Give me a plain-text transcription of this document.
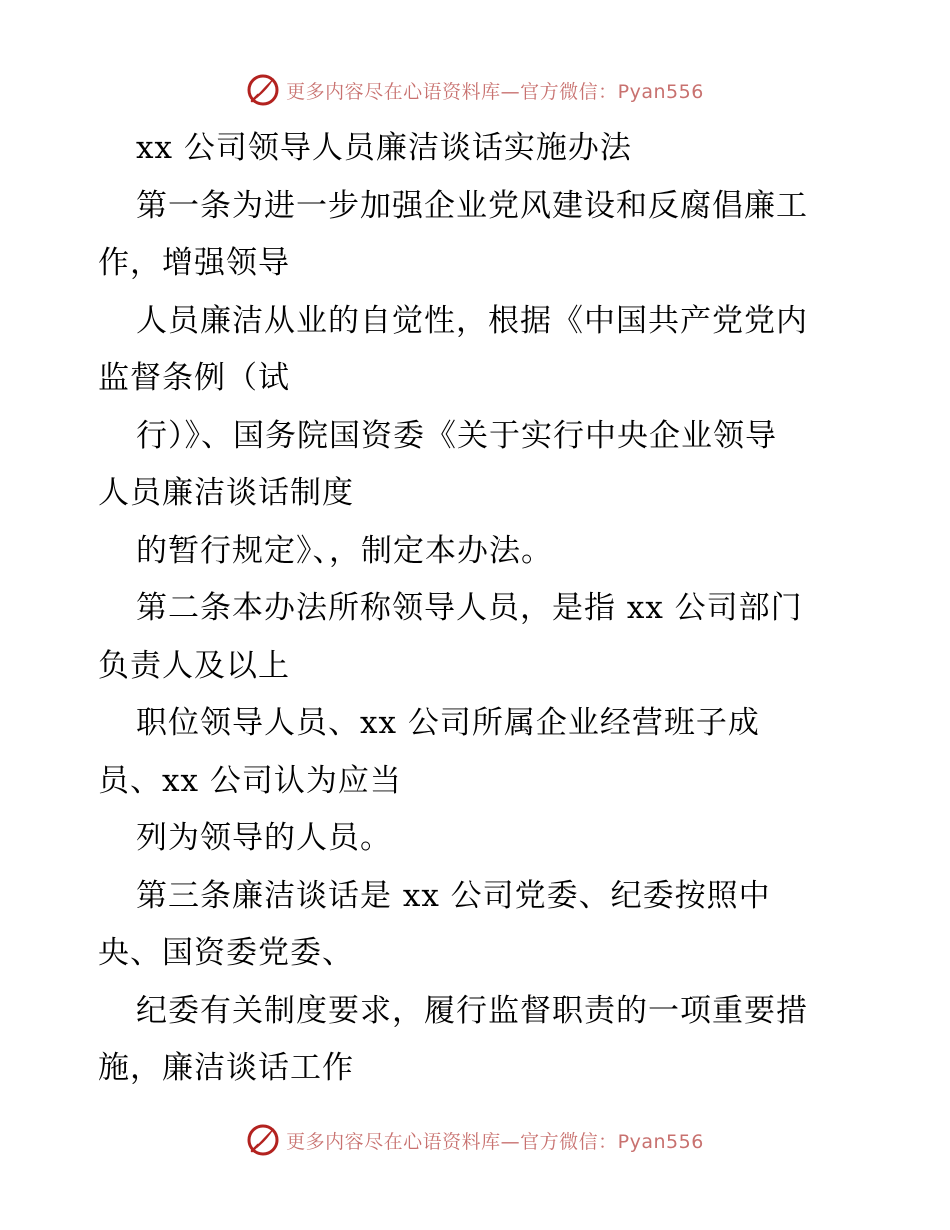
更多内容尽在心语资料库—官方微信：Pyan556
xx 公司领导人员廉洁谈话实施办法
第一条为进一步加强企业党风建设和反腐倡廉工
作，增强领导
人员廉洁从业的自觉性，根据《中国共产党党内
监督条例（试
行）》、国务院国资委《关于实行中央企业领导
人员廉洁谈话制度
的暂行规定》、，制定本办法。
第二条本办法所称领导人员，是指 xx 公司部门
负责人及以上
职位领导人员、xx 公司所属企业经营班子成
员、xx 公司认为应当
列为领导的人员。
第三条廉洁谈话是 xx 公司党委、纪委按照中
央、国资委党委、
纪委有关制度要求，履行监督职责的一项重要措
施，廉洁谈话工作
更多内容尽在心语资料库—官方微信：Pyan556
